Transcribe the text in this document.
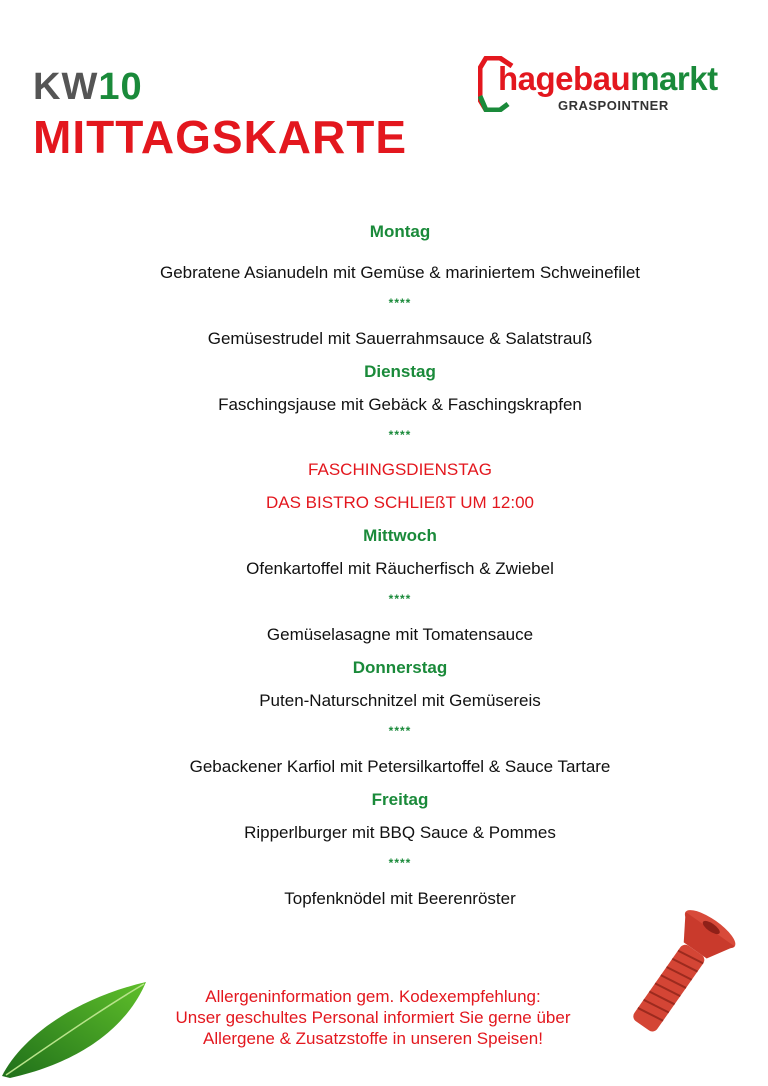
KW10
MITTAGSKARTE
hagebaumarkt
GRASPOINTNER
Montag
Gebratene Asianudeln mit Gemüse & mariniertem Schweinefilet
****
Gemüsestrudel mit Sauerrahmsauce & Salatstrauß
Dienstag
Faschingsjause mit Gebäck & Faschingskrapfen
****
FASCHINGSDIENSTAG
DAS BISTRO SCHLIEßT UM 12:00
Mittwoch
Ofenkartoffel mit Räucherfisch & Zwiebel
****
Gemüselasagne mit Tomatensauce
Donnerstag
Puten-Naturschnitzel mit Gemüsereis
****
Gebackener Karfiol mit Petersilkartoffel & Sauce Tartare
Freitag
Ripperlburger mit BBQ Sauce & Pommes
****
Topfenknödel mit Beerenröster
Allergeninformation gem. Kodexempfehlung:
Unser geschultes Personal informiert Sie gerne über
Allergene & Zusatzstoffe in unseren Speisen!
